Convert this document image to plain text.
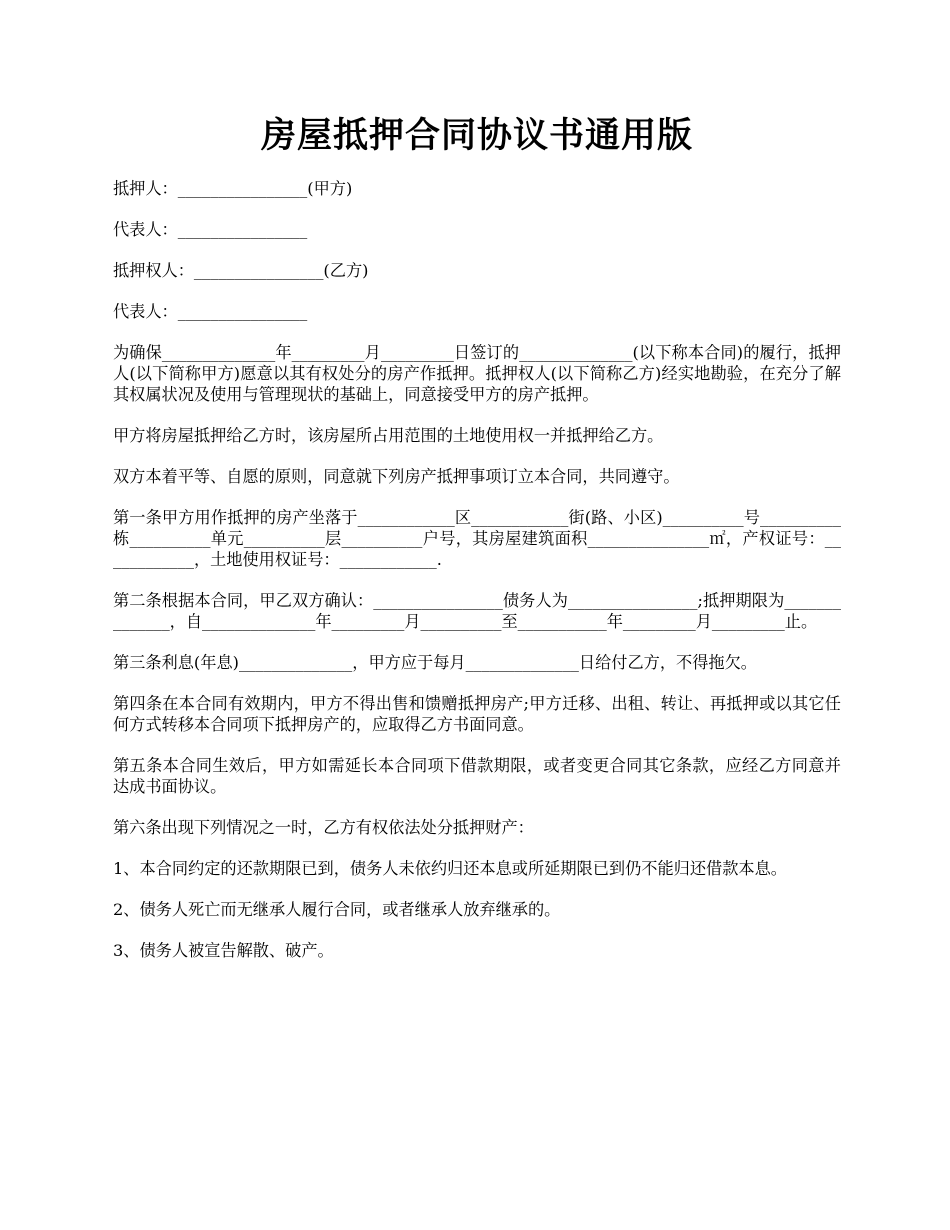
房屋抵押合同协议书通用版
抵押人：________________(甲方)
代表人：________________
抵押权人：________________(乙方)
代表人：________________
为确保______________年_________月_________日签订的______________(以下称本合同)的履行，抵押人(以下简称甲方)愿意以其有权处分的房产作抵押。抵押权人(以下简称乙方)经实地勘验，在充分了解其权属状况及使用与管理现状的基础上，同意接受甲方的房产抵押。
甲方将房屋抵押给乙方时，该房屋所占用范围的土地使用权一并抵押给乙方。
双方本着平等、自愿的原则，同意就下列房产抵押事项订立本合同，共同遵守。
第一条甲方用作抵押的房产坐落于____________区____________街(路、小区)__________号__________栋__________单元__________层__________户号，其房屋建筑面积_______________㎡，产权证号：____________，土地使用权证号：____________.
第二条根据本合同，甲乙双方确认：________________债务人为________________;抵押期限为______________，自______________年_________月__________至___________年_________月_________止。
第三条利息(年息)______________，甲方应于每月______________日给付乙方，不得拖欠。
第四条在本合同有效期内，甲方不得出售和馈赠抵押房产;甲方迁移、出租、转让、再抵押或以其它任何方式转移本合同项下抵押房产的，应取得乙方书面同意。
第五条本合同生效后，甲方如需延长本合同项下借款期限，或者变更合同其它条款，应经乙方同意并达成书面协议。
第六条出现下列情况之一时，乙方有权依法处分抵押财产：
1、本合同约定的还款期限已到，债务人未依约归还本息或所延期限已到仍不能归还借款本息。
2、债务人死亡而无继承人履行合同，或者继承人放弃继承的。
3、债务人被宣告解散、破产。
